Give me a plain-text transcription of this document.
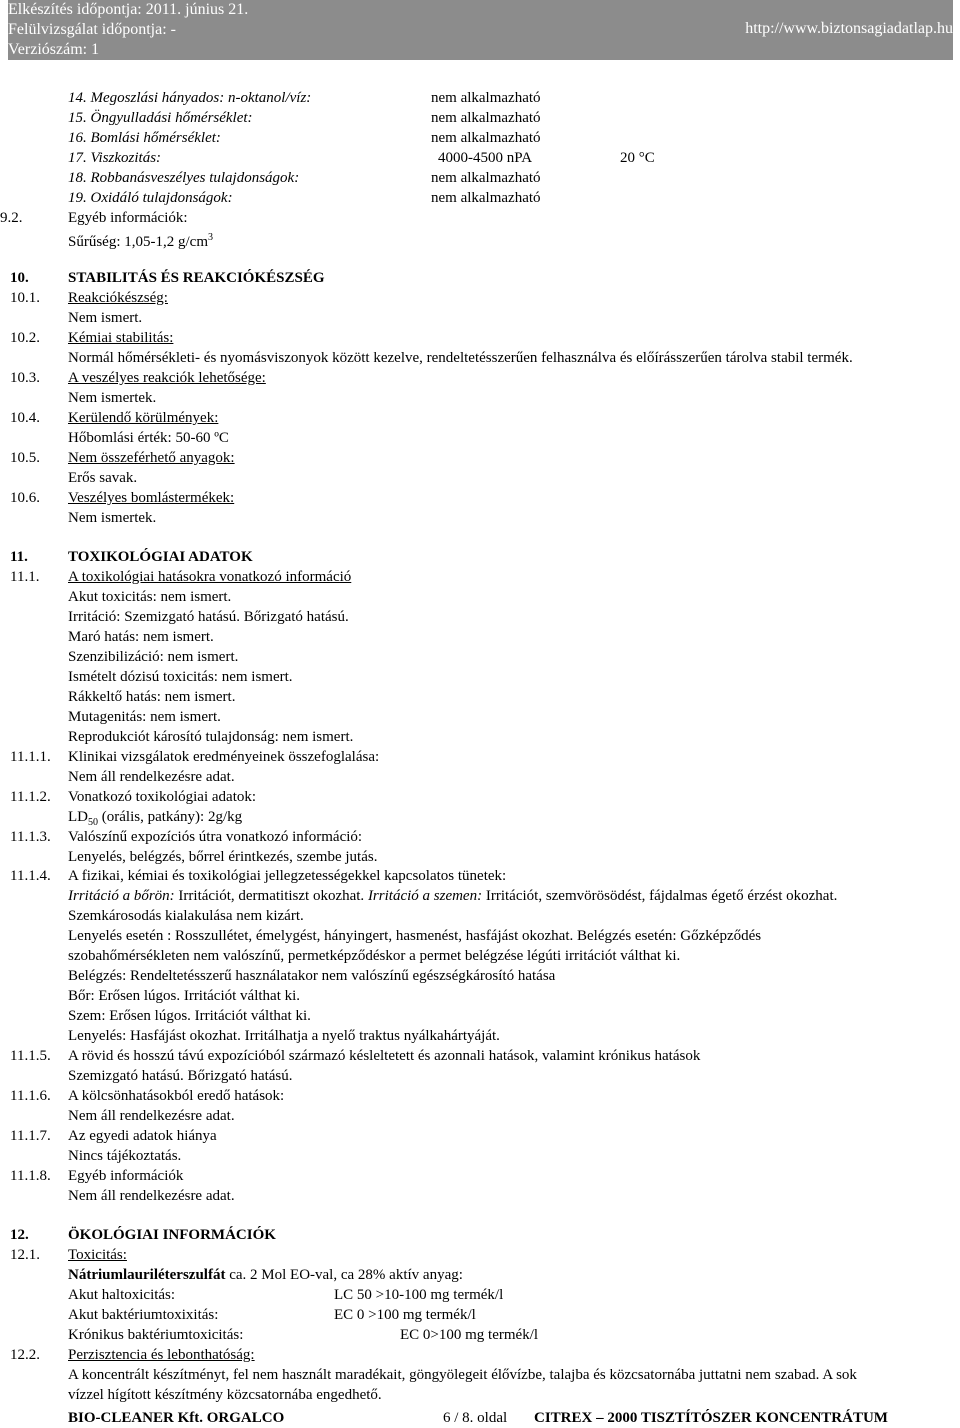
Elkészítés időpontja: 2011. június 21.
Felülvizsgálat időpontja: -
Verziószám: 1
http://www.biztonsagiadatlap.hu
14. Megoszlási hányados: n-oktanol/víz:	nem alkalmazható
15. Öngyulladási hőmérséklet:	nem alkalmazható
16. Bomlási hőmérséklet:	nem alkalmazható
17. Viszkozitás:	4000-4500 nPA	20 °C
18. Robbanásveszélyes tulajdonságok:	nem alkalmazható
19. Oxidáló tulajdonságok:	nem alkalmazható
9.2.	Egyéb információk:
Sűrűség: 1,05-1,2 $g/cm^3$
10.	STABILITÁS ÉS REAKCIÓKÉSZSÉG
10.1. Reakciókészség:
Nem ismert.
10.2. Kémiai stabilitás:
Normál hőmérsékleti- és nyomásviszonyok között kezelve, rendeltetésszerűen felhasználva és előírásszerűen tárolva stabil termék.
10.3. A veszélyes reakciók lehetősége:
Nem ismertek.
10.4. Kerülendő körülmények:
Hőbomlási érték: 50-60 ºC
10.5. Nem összeférhető anyagok:
Erős savak.
10.6. Veszélyes bomlástermékek:
Nem ismertek.
11.	TOXIKOLÓGIAI ADATOK
11.1. A toxikológiai hatásokra vonatkozó információ
Akut toxicitás: nem ismert.
Irritáció: Szemizgató hatású. Bőrizgató hatású.
Maró hatás: nem ismert.
Szenzibilizáció: nem ismert.
Ismételt dózisú toxicitás: nem ismert.
Rákkeltő hatás: nem ismert.
Mutagenitás: nem ismert.
Reprodukciót károsító tulajdonság: nem ismert.
11.1.1. Klinikai vizsgálatok eredményeinek összefoglalása:
Nem áll rendelkezésre adat.
11.1.2. Vonatkozó toxikológiai adatok:
$LD_{50}$ (orális, patkány): 2g/kg
11.1.3. Valószínű expozíciós útra vonatkozó információ:
Lenyelés, belégzés, bőrrel érintkezés, szembe jutás.
11.1.4. A fizikai, kémiai és toxikológiai jellegzetességekkel kapcsolatos tünetek:
Irritáció a bőrön: Irritációt, dermatitiszt okozhat. Irritáció a szemen: Irritációt, szemvörösödést, fájdalmas égető érzést okozhat.
Szemkárosodás kialakulása nem kizárt.
Lenyelés esetén : Rosszullétet, émelygést, hányingert, hasmenést, hasfájást okozhat. Belégzés esetén: Gőzképződés
szobahőmérsékleten nem valószínű, permetképződéskor a permet belégzése légúti irritációt válthat ki.
Belégzés: Rendeltetésszerű használatakor nem valószínű egészségkárosító hatása
Bőr: Erősen lúgos. Irritációt válthat ki.
Szem: Erősen lúgos. Irritációt válthat ki.
Lenyelés: Hasfájást okozhat. Irritálhatja a nyelő traktus nyálkahártyáját.
11.1.5. A rövid és hosszú távú expozícióból származó késleltetett és azonnali hatások, valamint krónikus hatások
Szemizgató hatású. Bőrizgató hatású.
11.1.6. A kölcsönhatásokból eredő hatások:
Nem áll rendelkezésre adat.
11.1.7. Az egyedi adatok hiánya
Nincs tájékoztatás.
11.1.8. Egyéb információk
Nem áll rendelkezésre adat.
12.	ÖKOLÓGIAI INFORMÁCIÓK
12.1. Toxicitás:
Nátriumlauriléterszulfát ca. 2 Mol EO-val, ca 28% aktív anyag:
Akut haltoxicitás:	LC 50 >10-100 mg termék/l
Akut baktériumtoxixitás:	EC 0 >100 mg termék/l
Krónikus baktériumtoxicitás:	EC 0>100 mg termék/l
12.2. Perzisztencia és lebonthatóság:
A koncentrált készítményt, fel nem használt maradékait, göngyölegeit élővízbe, talajba és közcsatornába juttatni nem szabad. A sok
vízzel hígított készítmény közcsatornába engedhető.
BIO-CLEANER Kft. ORGALCO	6 / 8. oldal CITREX – 2000 TISZTÍTÓSZER KONCENTRÁTUM
